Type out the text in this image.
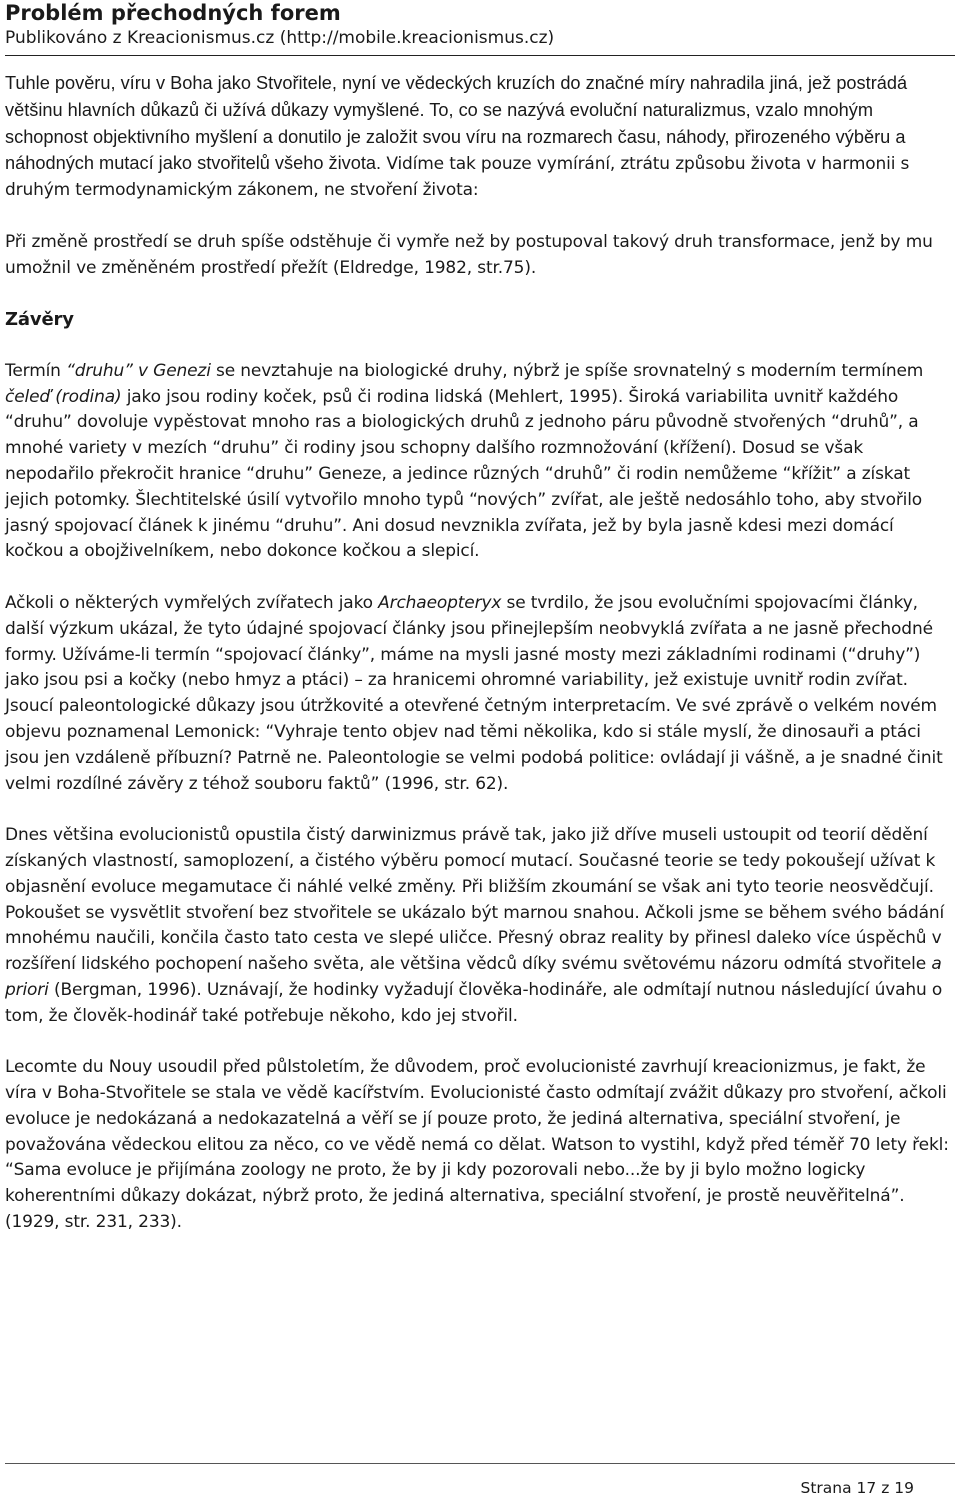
Problém přechodných forem
Publikováno z Kreacionismus.cz (http://mobile.kreacionismus.cz)

Tuhle pověru, víru v Boha jako Stvořitele, nyní ve vědeckých kruzích do značné míry nahradila jiná, jež postrádá většinu hlavních důkazů či užívá důkazy vymyšlené. To, co se nazývá evoluční naturalizmus, vzalo mnohým schopnost objektivního myšlení a donutilo je založit svou víru na rozmarech času, náhody, přirozeného výběru a náhodných mutací jako stvořitelů všeho života. Vidíme tak pouze vymírání, ztrátu způsobu života v harmonii s druhým termodynamickým zákonem, ne stvoření života:

Při změně prostředí se druh spíše odstěhuje či vymře než by postupoval takový druh transformace, jenž by mu umožnil ve změněném prostředí přežít (Eldredge, 1982, str.75).

Závěry

Termín “druhu” v Genezi se nevztahuje na biologické druhy, nýbrž je spíše srovnatelný s moderním termínem čeleď (rodina) jako jsou rodiny koček, psů či rodina lidská (Mehlert, 1995). Široká variabilita uvnitř každého “druhu” dovoluje vypěstovat mnoho ras a biologických druhů z jednoho páru původně stvořených “druhů”, a mnohé variety v mezích “druhu” či rodiny jsou schopny dalšího rozmnožování (křížení). Dosud se však nepodařilo překročit hranice “druhu” Geneze, a jedince různých “druhů” či rodin nemůžeme “křížit” a získat jejich potomky. Šlechtitelské úsilí vytvořilo mnoho typů “nových” zvířat, ale ještě nedosáhlo toho, aby stvořilo jasný spojovací článek k jinému “druhu”. Ani dosud nevznikla zvířata, jež by byla jasně kdesi mezi domácí kočkou a obojživelníkem, nebo dokonce kočkou a slepicí.

Ačkoli o některých vymřelých zvířatech jako Archaeopteryx se tvrdilo, že jsou evolučními spojovacími články, další výzkum ukázal, že tyto údajné spojovací články jsou přinejlepším neobvyklá zvířata a ne jasně přechodné formy. Užíváme-li termín “spojovací články”, máme na mysli jasné mosty mezi základními rodinami (“druhy”) jako jsou psi a kočky (nebo hmyz a ptáci) – za hranicemi ohromné variability, jež existuje uvnitř rodin zvířat. Jsoucí paleontologické důkazy jsou útržkovité a otevřené četným interpretacím. Ve své zprávě o velkém novém objevu poznamenal Lemonick: “Vyhraje tento objev nad těmi několika, kdo si stále myslí, že dinosauři a ptáci jsou jen vzdáleně příbuzní? Patrně ne. Paleontologie se velmi podobá politice: ovládají ji vášně, a je snadné činit velmi rozdílné závěry z téhož souboru faktů” (1996, str. 62).

Dnes většina evolucionistů opustila čistý darwinizmus právě tak, jako již dříve museli ustoupit od teorií dědění získaných vlastností, samoplození, a čistého výběru pomocí mutací. Současné teorie se tedy pokoušejí užívat k objasnění evoluce megamutace či náhlé velké změny. Při bližším zkoumání se však ani tyto teorie neosvědčují. Pokoušet se vysvětlit stvoření bez stvořitele se ukázalo být marnou snahou. Ačkoli jsme se během svého bádání mnohému naučili, končila často tato cesta ve slepé uličce. Přesný obraz reality by přinesl daleko více úspěchů v rozšíření lidského pochopení našeho světa, ale většina vědců díky svému světovému názoru odmítá stvořitele a priori (Bergman, 1996). Uznávají, že hodinky vyžadují člověka-hodináře, ale odmítají nutnou následující úvahu o tom, že člověk-hodinář také potřebuje někoho, kdo jej stvořil.

Lecomte du Nouy usoudil před půlstoletím, že důvodem, proč evolucionisté zavrhují kreacionizmus, je fakt, že víra v Boha-Stvořitele se stala ve vědě kacířstvím. Evolucionisté často odmítají zvážit důkazy pro stvoření, ačkoli evoluce je nedokázaná a nedokazatelná a věří se jí pouze proto, že jediná alternativa, speciální stvoření, je považována vědeckou elitou za něco, co ve vědě nemá co dělat. Watson to vystihl, když před téměř 70 lety řekl: “Sama evoluce je přijímána zoology ne proto, že by ji kdy pozorovali nebo...že by ji bylo možno logicky koherentními důkazy dokázat, nýbrž proto, že jediná alternativa, speciální stvoření, je prostě neuvěřitelná”. (1929, str. 231, 233).

Strana 17 z 19
